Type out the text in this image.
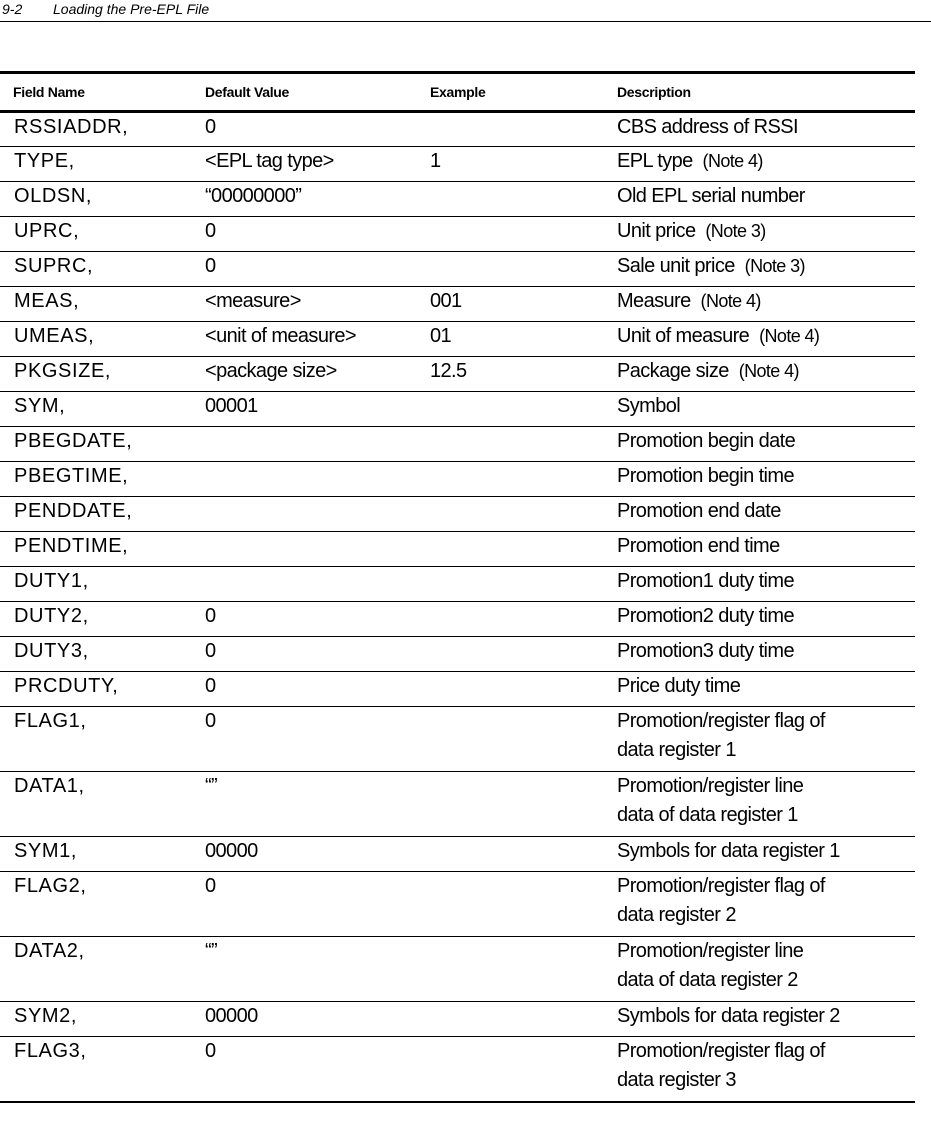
9-2 Loading the Pre-EPL File
Field Name	Default Value	Example	Description
RSSIADDR,	0		CBS address of RSSI

TYPE,	<EPL tag type>	1	EPL type (Note 4)

OLDSN,	“00000000”		Old EPL serial number

UPRC,	0		Unit price (Note 3)

SUPRC,	0		Sale unit price (Note 3)

MEAS,	<measure>	001	Measure (Note 4)

UMEAS,	<unit of measure>	01	Unit of measure (Note 4)

PKGSIZE,	<package size>	12.5	Package size (Note 4)

SYM,	00001		Symbol

PBEGDATE,			Promotion begin date

PBEGTIME,			Promotion begin time

PENDDATE,			Promotion end date

PENDTIME,			Promotion end time

DUTY1,			Promotion1 duty time

DUTY2,	0		Promotion2 duty time

DUTY3,	0		Promotion3 duty time

PRCDUTY,	0		Price duty time

FLAG1,	0		Promotion/register flag of
data register 1

DATA1,	“”		Promotion/register line
data of data register 1

SYM1,	00000		Symbols for data register 1

FLAG2,	0		Promotion/register flag of
data register 2

DATA2,	“”		Promotion/register line
data of data register 2

SYM2,	00000		Symbols for data register 2

FLAG3,	0		Promotion/register flag of
data register 3
